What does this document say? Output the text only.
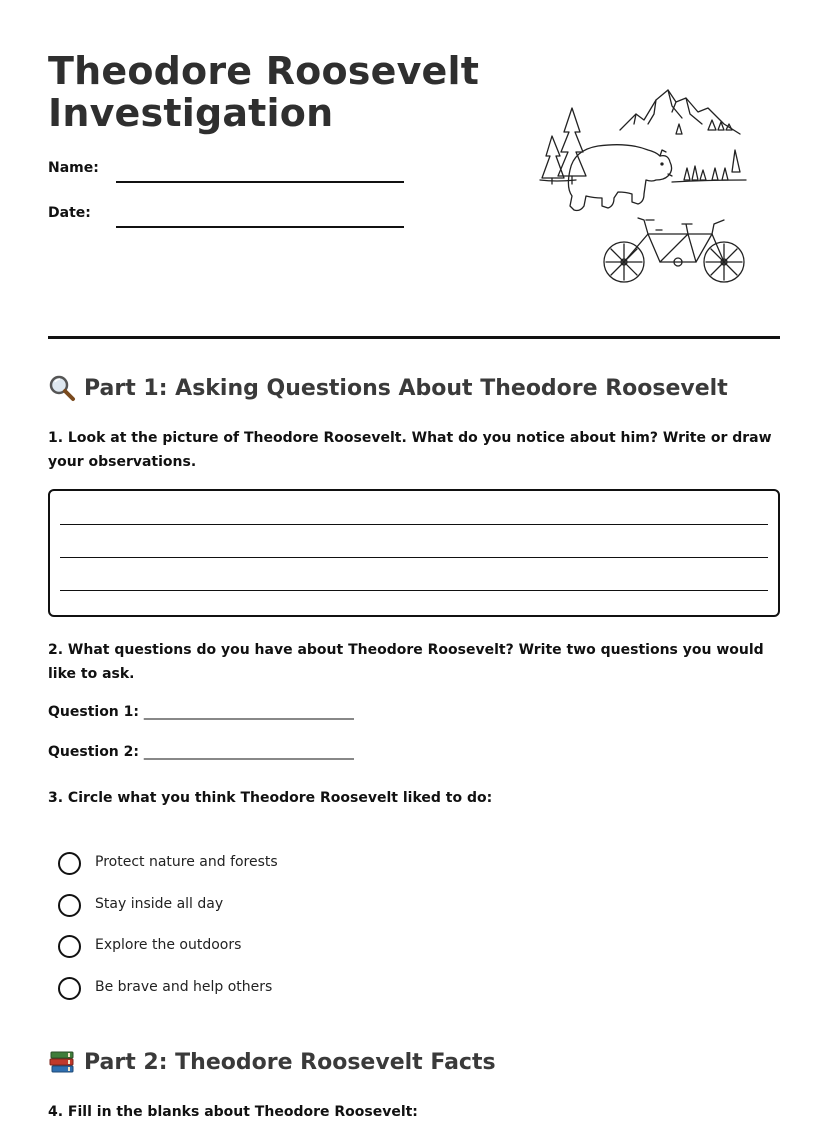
Theodore Roosevelt
Investigation
Name:
Date:
Part 1: Asking Questions About Theodore Roosevelt
1. Look at the picture of Theodore Roosevelt. What do you notice about him? Write or draw your observations.
2. What questions do you have about Theodore Roosevelt? Write two questions you would like to ask.
Question 1: ______________________________
Question 2: ______________________________
3. Circle what you think Theodore Roosevelt liked to do:
Protect nature and forests
Stay inside all day
Explore the outdoors
Be brave and help others
Part 2: Theodore Roosevelt Facts
4. Fill in the blanks about Theodore Roosevelt:
